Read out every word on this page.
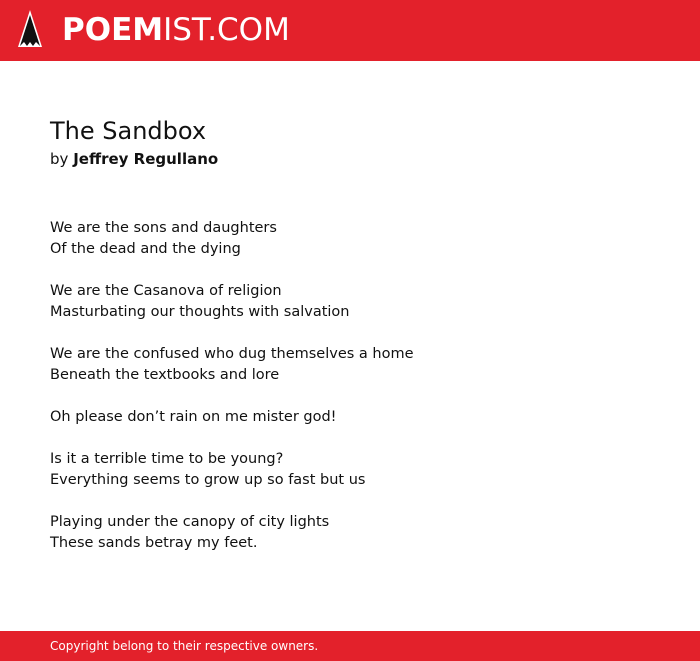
POEMIST.COM
The Sandbox
by Jeffrey Regullano
We are the sons and daughters
Of the dead and the dying
We are the Casanova of religion
Masturbating our thoughts with salvation
We are the confused who dug themselves a home
Beneath the textbooks and lore
Oh please don’t rain on me mister god!
Is it a terrible time to be young?
Everything seems to grow up so fast but us
Playing under the canopy of city lights
These sands betray my feet.
Copyright belong to their respective owners.
